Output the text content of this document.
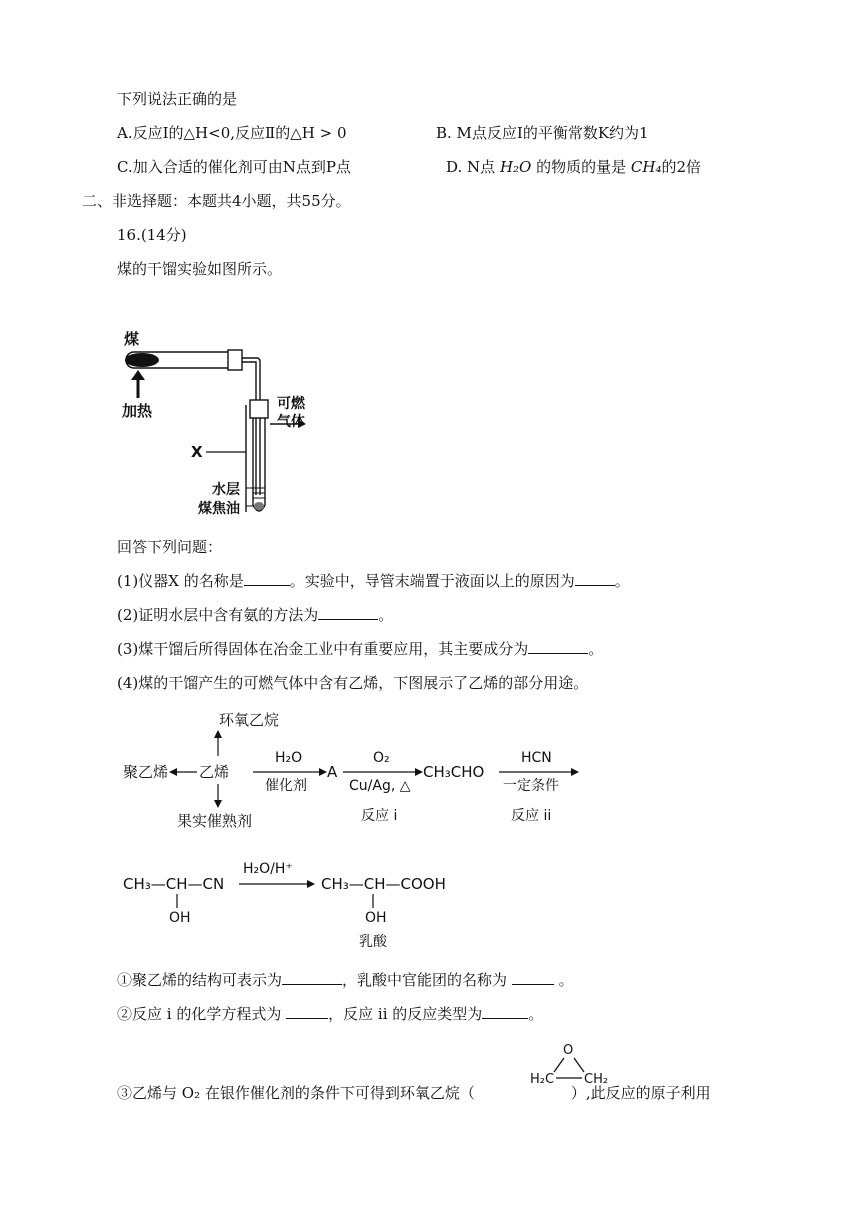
下列说法正确的是
A.反应Ⅰ的△H<0,反应Ⅱ的△H > 0	B. M点反应Ⅰ的平衡常数K约为1
C.加入合适的催化剂可由N点到P点	D. N点 H₂O 的物质的量是 CH₄的2倍
二、非选择题：本题共4小题，共55分。
16.(14分)
煤的干馏实验如图所示。
煤
加热	可燃
气体
X
水层
煤焦油
回答下列问题：
(1)仪器X 的名称是	。实验中，导管末端置于液面以上的原因为	。
(2)证明水层中含有氨的方法为	。
(3)煤干馏后所得固体在冶金工业中有重要应用，其主要成分为	。
(4)煤的干馏产生的可燃气体中含有乙烯，下图展示了乙烯的部分用途。
环氧乙烷
聚乙烯 乙烯
果实催熟剂
H₂O
催化剂
A
O₂
Cu/Ag, △
反应 i
CH₃CHO
HCN
一定条件
反应 ii
CH₃—CH—CN
OH
H₂O/H⁺
CH₃—CH—COOH
OH
乳酸
①聚乙烯的结构可表示为	，乳酸中官能团的名称为	。
②反应 i 的化学方程式为	，反应 ii 的反应类型为	。
O
H₂C CH₂
③乙烯与 O₂ 在银作催化剂的条件下可得到环氧乙烷（	）,此反应的原子利用
